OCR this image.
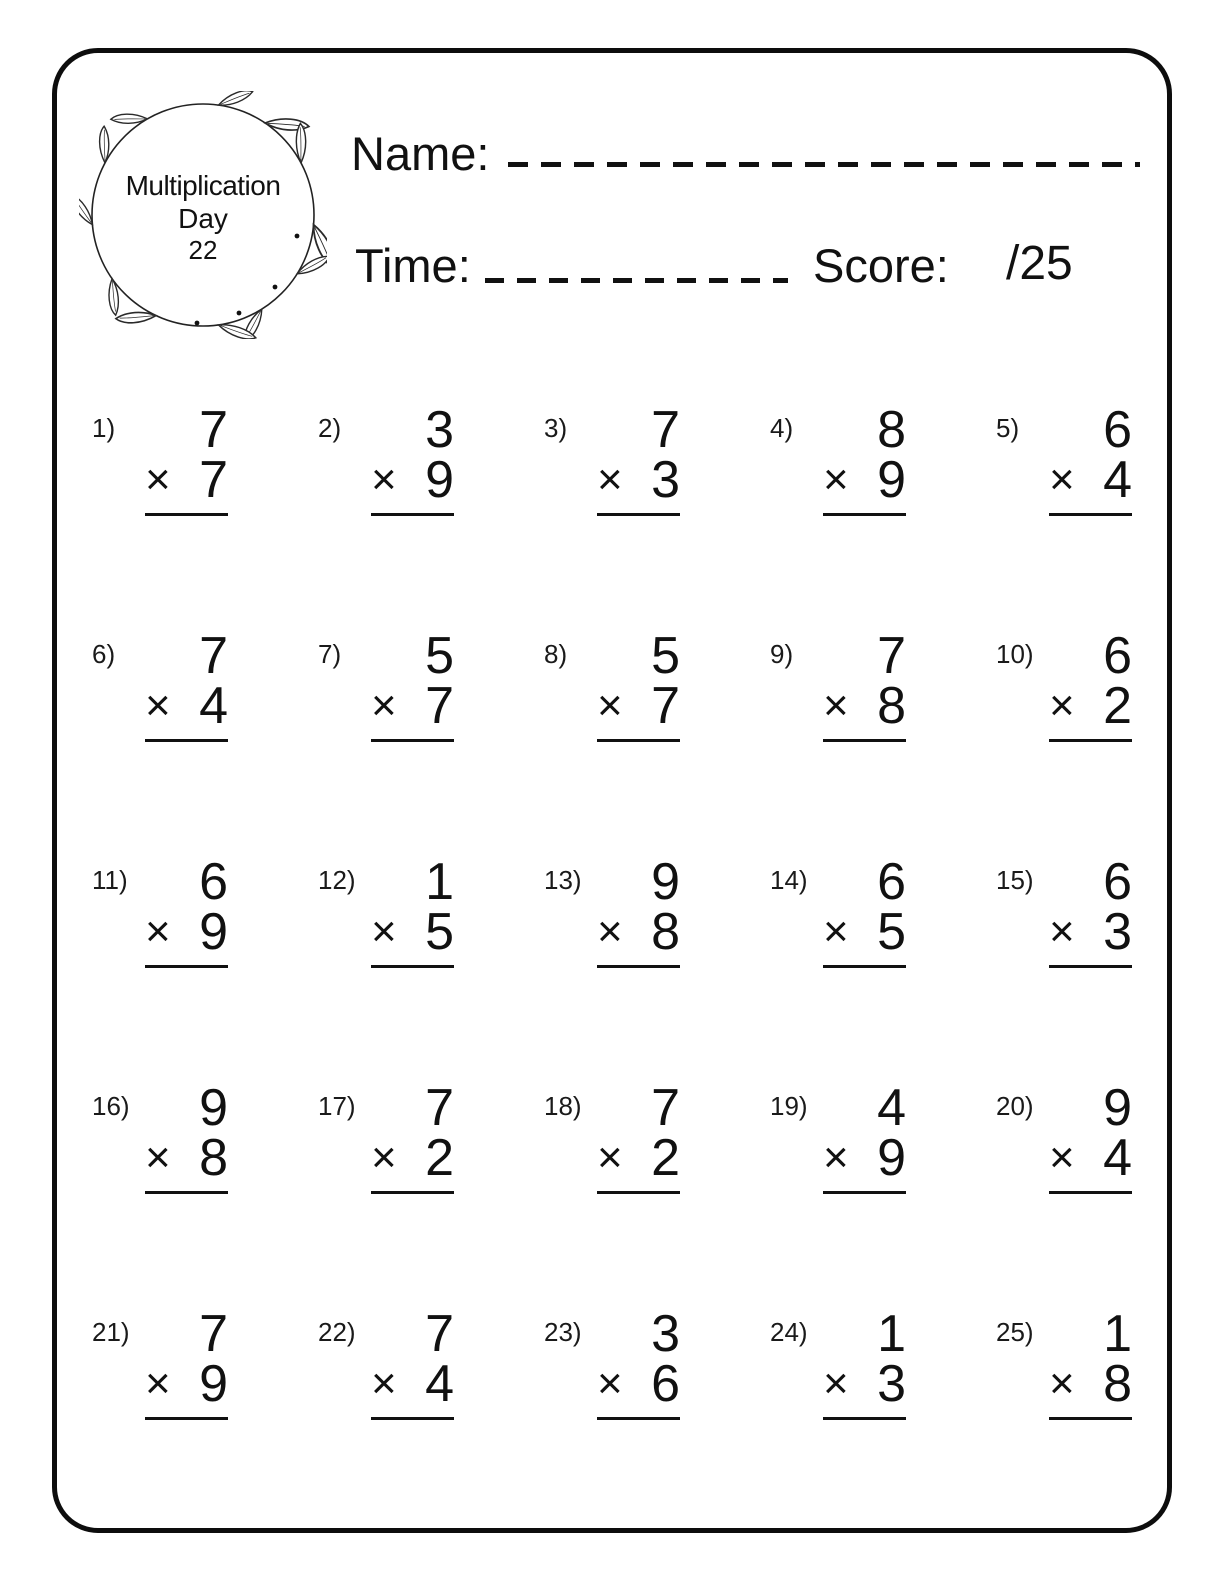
Multiplication
Day
22
Name:
Time:	Score: /25
1)	7
× 7
2)	3
× 9
3)	7
× 3
4)	8
× 9
5)	6
× 4
6)	7
× 4
7)	5
× 7
8)	5
× 7
9)	7
× 8
10)	6
× 2
11)	6
× 9
12)	1
× 5
13)	9
× 8
14)	6
× 5
15)	6
× 3
16)	9
× 8
17)	7
× 2
18)	7
× 2
19)	4
× 9
20)	9
× 4
21)	7
× 9
22)	7
× 4
23)	3
× 6
24)	1
× 3
25)	1
× 8
